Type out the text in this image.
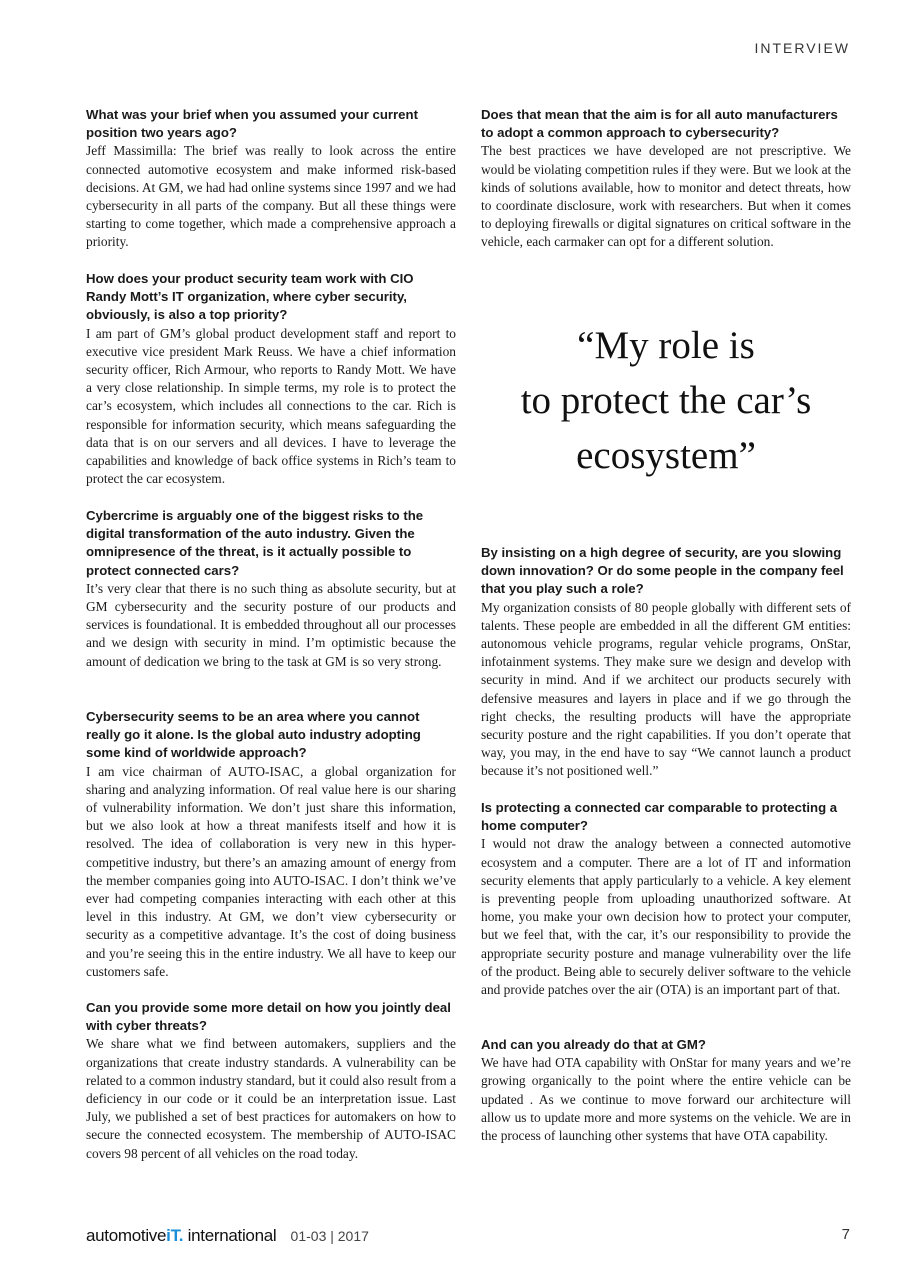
INTERVIEW

What was your brief when you assumed your current position two years ago?

Jeff Massimilla: The brief was really to look across the entire connected automotive ecosystem and make informed risk-based decisions. At GM, we had had online systems since 1997 and we had cybersecurity in all parts of the company. But all these things were starting to come together, which made a comprehensive approach a priority.

How does your product security team work with CIO Randy Mott’s IT organization, where cyber security, obviously, is also a top priority?

I am part of GM’s global product development staff and report to executive vice president Mark Reuss. We have a chief information security officer, Rich Armour, who reports to Randy Mott. We have a very close relationship. In simple terms, my role is to protect the car’s ecosystem, which includes all connections to the car. Rich is responsible for information security, which means safeguarding the data that is on our servers and all devices. I have to leverage the capabilities and knowledge of back office systems in Rich’s team to protect the car ecosystem.

Cybercrime is arguably one of the biggest risks to the digital transformation of the auto industry. Given the omnipresence of the threat, is it actually possible to protect connected cars?

It’s very clear that there is no such thing as absolute security, but at GM cybersecurity and the security posture of our products and services is foundational. It is embedded throughout all our processes and we design with security in mind. I’m optimistic because the amount of dedication we bring to the task at GM is so very strong.

Cybersecurity seems to be an area where you cannot really go it alone. Is the global auto industry adopting some kind of worldwide approach?

I am vice chairman of AUTO-ISAC, a global organization for sharing and analyzing information. Of real value here is our sharing of vulnerability information. We don’t just share this information, but we also look at how a threat manifests itself and how it is resolved. The idea of collaboration is very new in this hyper-competitive industry, but there’s an amazing amount of energy from the member companies going into AUTO-ISAC. I don’t think we’ve ever had competing companies interacting with each other at this level in this industry. At GM, we don’t view cybersecurity or security as a competitive advantage. It’s the cost of doing business and you’re seeing this in the entire industry. We all have to keep our customers safe.

Can you provide some more detail on how you jointly deal with cyber threats?

We share what we find between automakers, suppliers and the organizations that create industry standards. A vulnerability can be related to a common industry standard, but it could also result from a deficiency in our code or it could be an interpretation issue. Last July, we published a set of best practices for automakers on how to secure the connected ecosystem. The membership of AUTO-ISAC covers 98 percent of all vehicles on the road today.

Does that mean that the aim is for all auto manufacturers to adopt a common approach to cybersecurity?

The best practices we have developed are not prescriptive. We would be violating competition rules if they were. But we look at the kinds of solutions available, how to monitor and detect threats, how to coordinate disclosure, work with researchers. But when it comes to deploying firewalls or digital signatures on critical software in the vehicle, each carmaker can opt for a different solution.

“My role is
to protect the car’s
ecosystem”

By insisting on a high degree of security, are you slowing down innovation? Or do some people in the company feel that you play such a role?

My organization consists of 80 people globally with different sets of talents. These people are embedded in all the different GM entities: autonomous vehicle programs, regular vehicle programs, OnStar, infotainment systems. They make sure we design and develop with security in mind. And if we architect our products securely with defensive measures and layers in place and if we go through the right checks, the resulting products will have the appropriate security posture and the right capabilities. If you don’t operate that way, you may, in the end have to say “We cannot launch a product because it’s not positioned well.”

Is protecting a connected car comparable to protecting a home computer?

I would not draw the analogy between a connected automotive ecosystem and a computer. There are a lot of IT and information security elements that apply particularly to a vehicle. A key element is preventing people from uploading unauthorized software. At home, you make your own decision how to protect your computer, but we feel that, with the car, it’s our responsibility to provide the appropriate security posture and manage vulnerability over the life of the product. Being able to securely deliver software to the vehicle and provide patches over the air (OTA) is an important part of that.

And can you already do that at GM?

We have had OTA capability with OnStar for many years and we’re growing organically to the point where the entire vehicle can be updated . As we continue to move forward our architecture will allow us to update more and more systems on the vehicle. We are in the process of launching other systems that have OTA capability.

automotiveiT. international 01-03 | 2017	7
